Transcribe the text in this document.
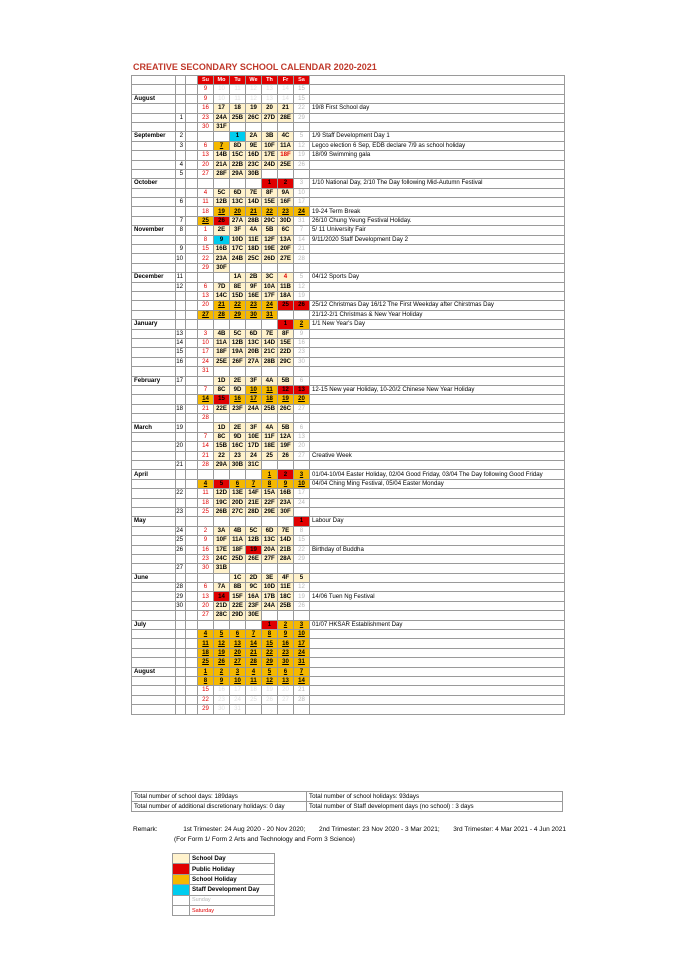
CREATIVE SECONDARY SCHOOL CALENDAR 2020-2021
			Su	Mo	Tu	We	Th	Fr	Sa	
			9	10	11	12	13	14	15	
August			9	10	11	12	13	14	15	
			16	17	18	19	20	21	22	19/8 First School day
	1		23	24A	25B	26C	27D	28E	29	
			30	31F						
September	2				1	2A	3B	4C	5	1/9 Staff Development Day 1
	3		6	7	8D	9E	10F	11A	12	Legco election 6 Sep, EDB declare 7/9 as school holiday
			13	14B	15C	16D	17E	18F	19	18/09 Swimming gala
	4		20	21A	22B	23C	24D	25E	26	
	5		27	28F	29A	30B				
October							1	2	3	1/10 National Day, 2/10 The Day following Mid-Autumn Festival
			4	5C	6D	7E	8F	9A	10	
	6		11	12B	13C	14D	15E	16F	17	
			18	19	20	21	22	23	24	19-24 Term Break
	7		25	26	27A	28B	29C	30D	31	26/10 Chung Yeung Festival Holiday.
November	8		1	2E	3F	4A	5B	6C	7	5/ 11 University Fair
			8	9	10D	11E	12F	13A	14	9/11/2020 Staff Development Day 2
	9		15	16B	17C	18D	19E	20F	21	
	10		22	23A	24B	25C	26D	27E	28	
			29	30F						
December	11				1A	2B	3C	4	5	04/12 Sports Day
	12		6	7D	8E	9F	10A	11B	12	
			13	14C	15D	16E	17F	18A	19	
			20	21	22	23	24	25	26	25/12 Christmas Day 16/12 The First Weekday after Chirstmas Day
			27	28	29	30	31			21/12-2/1 Christmas & New Year Holiday
January								1	2	1/1 New Year's Day
	13		3	4B	5C	6D	7E	8F	9	
	14		10	11A	12B	13C	14D	15E	16	
	15		17	18F	19A	20B	21C	22D	23	
	16		24	25E	26F	27A	28B	29C	30	
			31							
February	17			1D	2E	3F	4A	5B	6	
			7	8C	9D	10	11	12	13	12-15 New year Holiday, 10-20/2 Chinese New Year Holiday
			14	15	16	17	18	19	20	
	18		21	22E	23F	24A	25B	26C	27	
			28							
March	19			1D	2E	3F	4A	5B	6	
			7	8C	9D	10E	11F	12A	13	
	20		14	15B	16C	17D	18E	19F	20	
			21	22	23	24	25	26	27	Creative Week
	21		28	29A	30B	31C				
April							1	2	3	01/04-10/04 Easter Holiday, 02/04 Good Friday, 03/04 The Day following Good Friday
			4	5	6	7	8	9	10	04/04 Ching Ming Festival, 05/04 Easter Monday
	22		11	12D	13E	14F	15A	16B	17	
			18	19C	20D	21E	22F	23A	24	
	23		25	26B	27C	28D	29E	30F		
May									1	Labour Day
	24		2	3A	4B	5C	6D	7E	8	
	25		9	10F	11A	12B	13C	14D	15	
	26		16	17E	18F	19	20A	21B	22	Birthday of Buddha
			23	24C	25D	26E	27F	28A	29	
	27		30	31B						
June					1C	2D	3E	4F	5	
	28		6	7A	8B	9C	10D	11E	12	
	29		13	14	15F	16A	17B	18C	19	14/06 Tuen Ng Festival
	30		20	21D	22E	23F	24A	25B	26	
			27	28C	29D	30E				
July							1	2	3	01/07 HKSAR Establishment Day
			4	5	6	7	8	9	10	
			11	12	13	14	15	16	17	
			18	19	20	21	22	23	24	
			25	26	27	28	29	30	31	
August			1	2	3	4	5	6	7	
			8	9	10	11	12	13	14	
			15	16	17	18	19	20	21	
			22	23	24	25	26	27	28	
			29	30	31					
Total number of school days: 189days	Total number of school holidays: 93days
Total number of additional discretionary holidays: 0 day	Total number of Staff development days (no school) : 3 days
Remark:	1st Trimester: 24 Aug 2020 - 20 Nov 2020; 2nd Trimester: 23 Nov 2020 - 3 Mar 2021; 3rd Trimester: 4 Mar 2021 - 4 Jun 2021
(For Form 1/ Form 2 Arts and Technology and Form 3 Science)
	School Day
	Public Holiday
	School Holiday
	Staff Development Day
	Sunday
	Saturday
